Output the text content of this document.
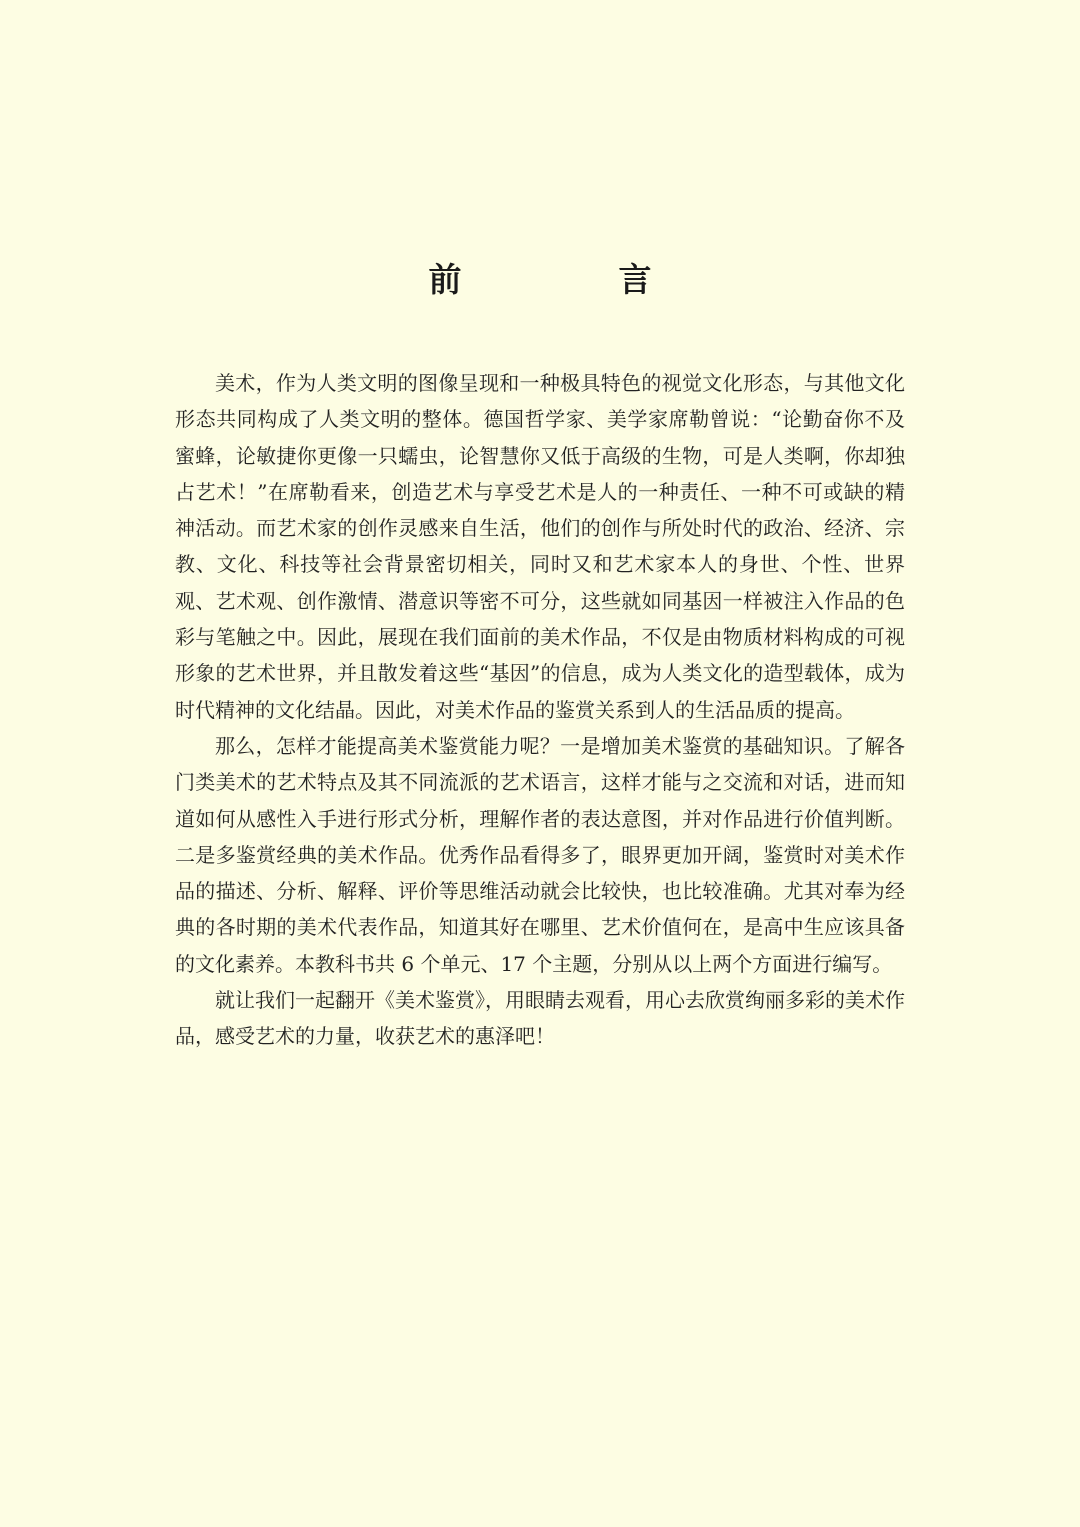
前　言

美术，作为人类文明的图像呈现和一种极具特色的视觉文化形态，与其他文化形态共同构成了人类文明的整体。德国哲学家、美学家席勒曾说：“论勤奋你不及蜜蜂，论敏捷你更像一只蠕虫，论智慧你又低于高级的生物，可是人类啊，你却独占艺术！”在席勒看来，创造艺术与享受艺术是人的一种责任、一种不可或缺的精神活动。而艺术家的创作灵感来自生活，他们的创作与所处时代的政治、经济、宗教、文化、科技等社会背景密切相关，同时又和艺术家本人的身世、个性、世界观、艺术观、创作激情、潜意识等密不可分，这些就如同基因一样被注入作品的色彩与笔触之中。因此，展现在我们面前的美术作品，不仅是由物质材料构成的可视形象的艺术世界，并且散发着这些“基因”的信息，成为人类文化的造型载体，成为时代精神的文化结晶。因此，对美术作品的鉴赏关系到人的生活品质的提高。

那么，怎样才能提高美术鉴赏能力呢？一是增加美术鉴赏的基础知识。了解各门类美术的艺术特点及其不同流派的艺术语言，这样才能与之交流和对话，进而知道如何从感性入手进行形式分析，理解作者的表达意图，并对作品进行价值判断。二是多鉴赏经典的美术作品。优秀作品看得多了，眼界更加开阔，鉴赏时对美术作品的描述、分析、解释、评价等思维活动就会比较快，也比较准确。尤其对奉为经典的各时期的美术代表作品，知道其好在哪里、艺术价值何在，是高中生应该具备的文化素养。本教科书共 6 个单元、17 个主题，分别从以上两个方面进行编写。

就让我们一起翻开《美术鉴赏》，用眼睛去观看，用心去欣赏绚丽多彩的美术作品，感受艺术的力量，收获艺术的惠泽吧！
